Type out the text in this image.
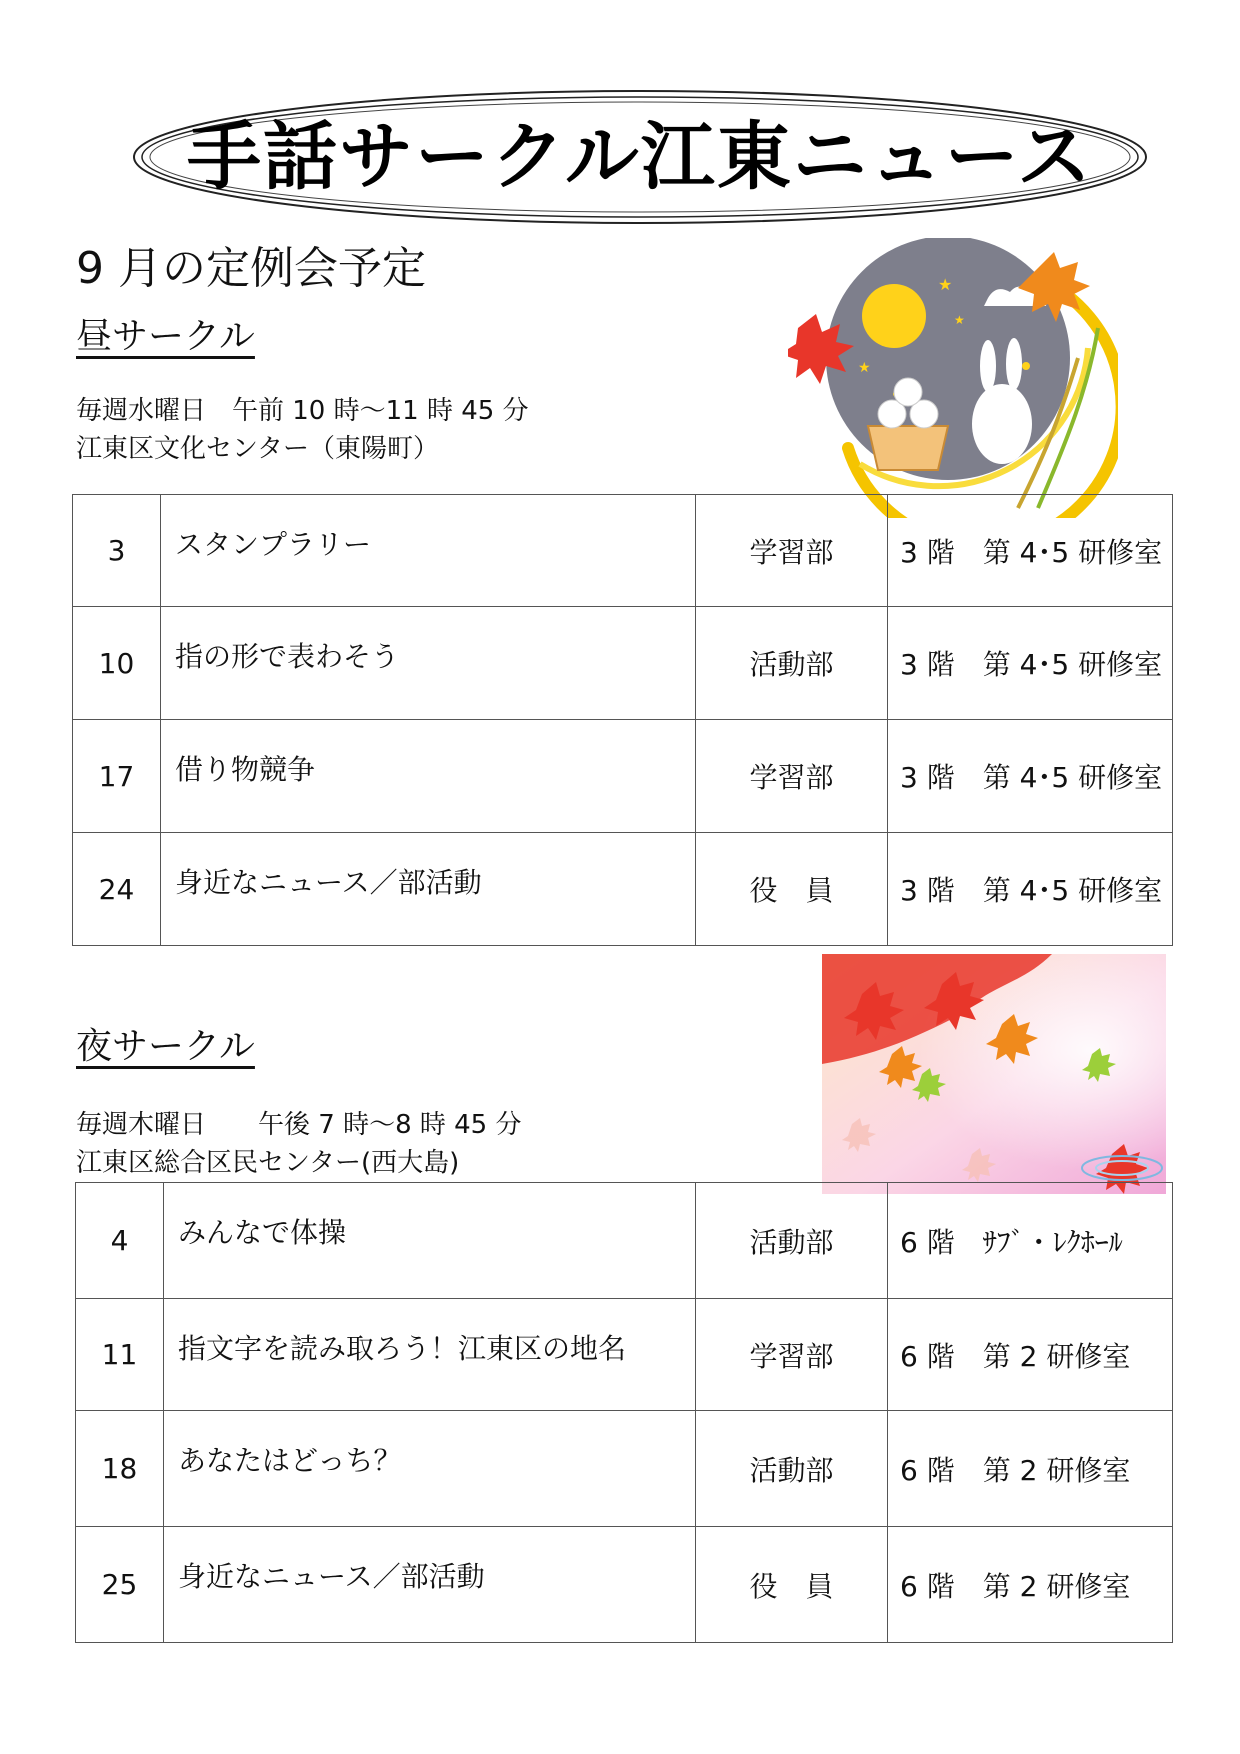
手話サークル江東ニュース
9 月の定例会予定
昼サークル
毎週水曜日　午前 10 時～11 時 45 分
江東区文化センター（東陽町）
★
★
★
3	スタンプラリー	学習部	3 階　第 4･5 研修室
10	指の形で表わそう	活動部	3 階　第 4･5 研修室
17	借り物競争	学習部	3 階　第 4･5 研修室
24	身近なニュース／部活動	役　員	3 階　第 4･5 研修室
夜サークル
毎週木曜日　　午後 7 時～8 時 45 分
江東区総合区民センター(西大島)
4	みんなで体操	活動部	6 階　ｻﾌﾞ・ﾚｸﾎｰﾙ
11	指文字を読み取ろう！江東区の地名	学習部	6 階　第 2 研修室
18	あなたはどっち？	活動部	6 階　第 2 研修室
25	身近なニュース／部活動	役　員	6 階　第 2 研修室
